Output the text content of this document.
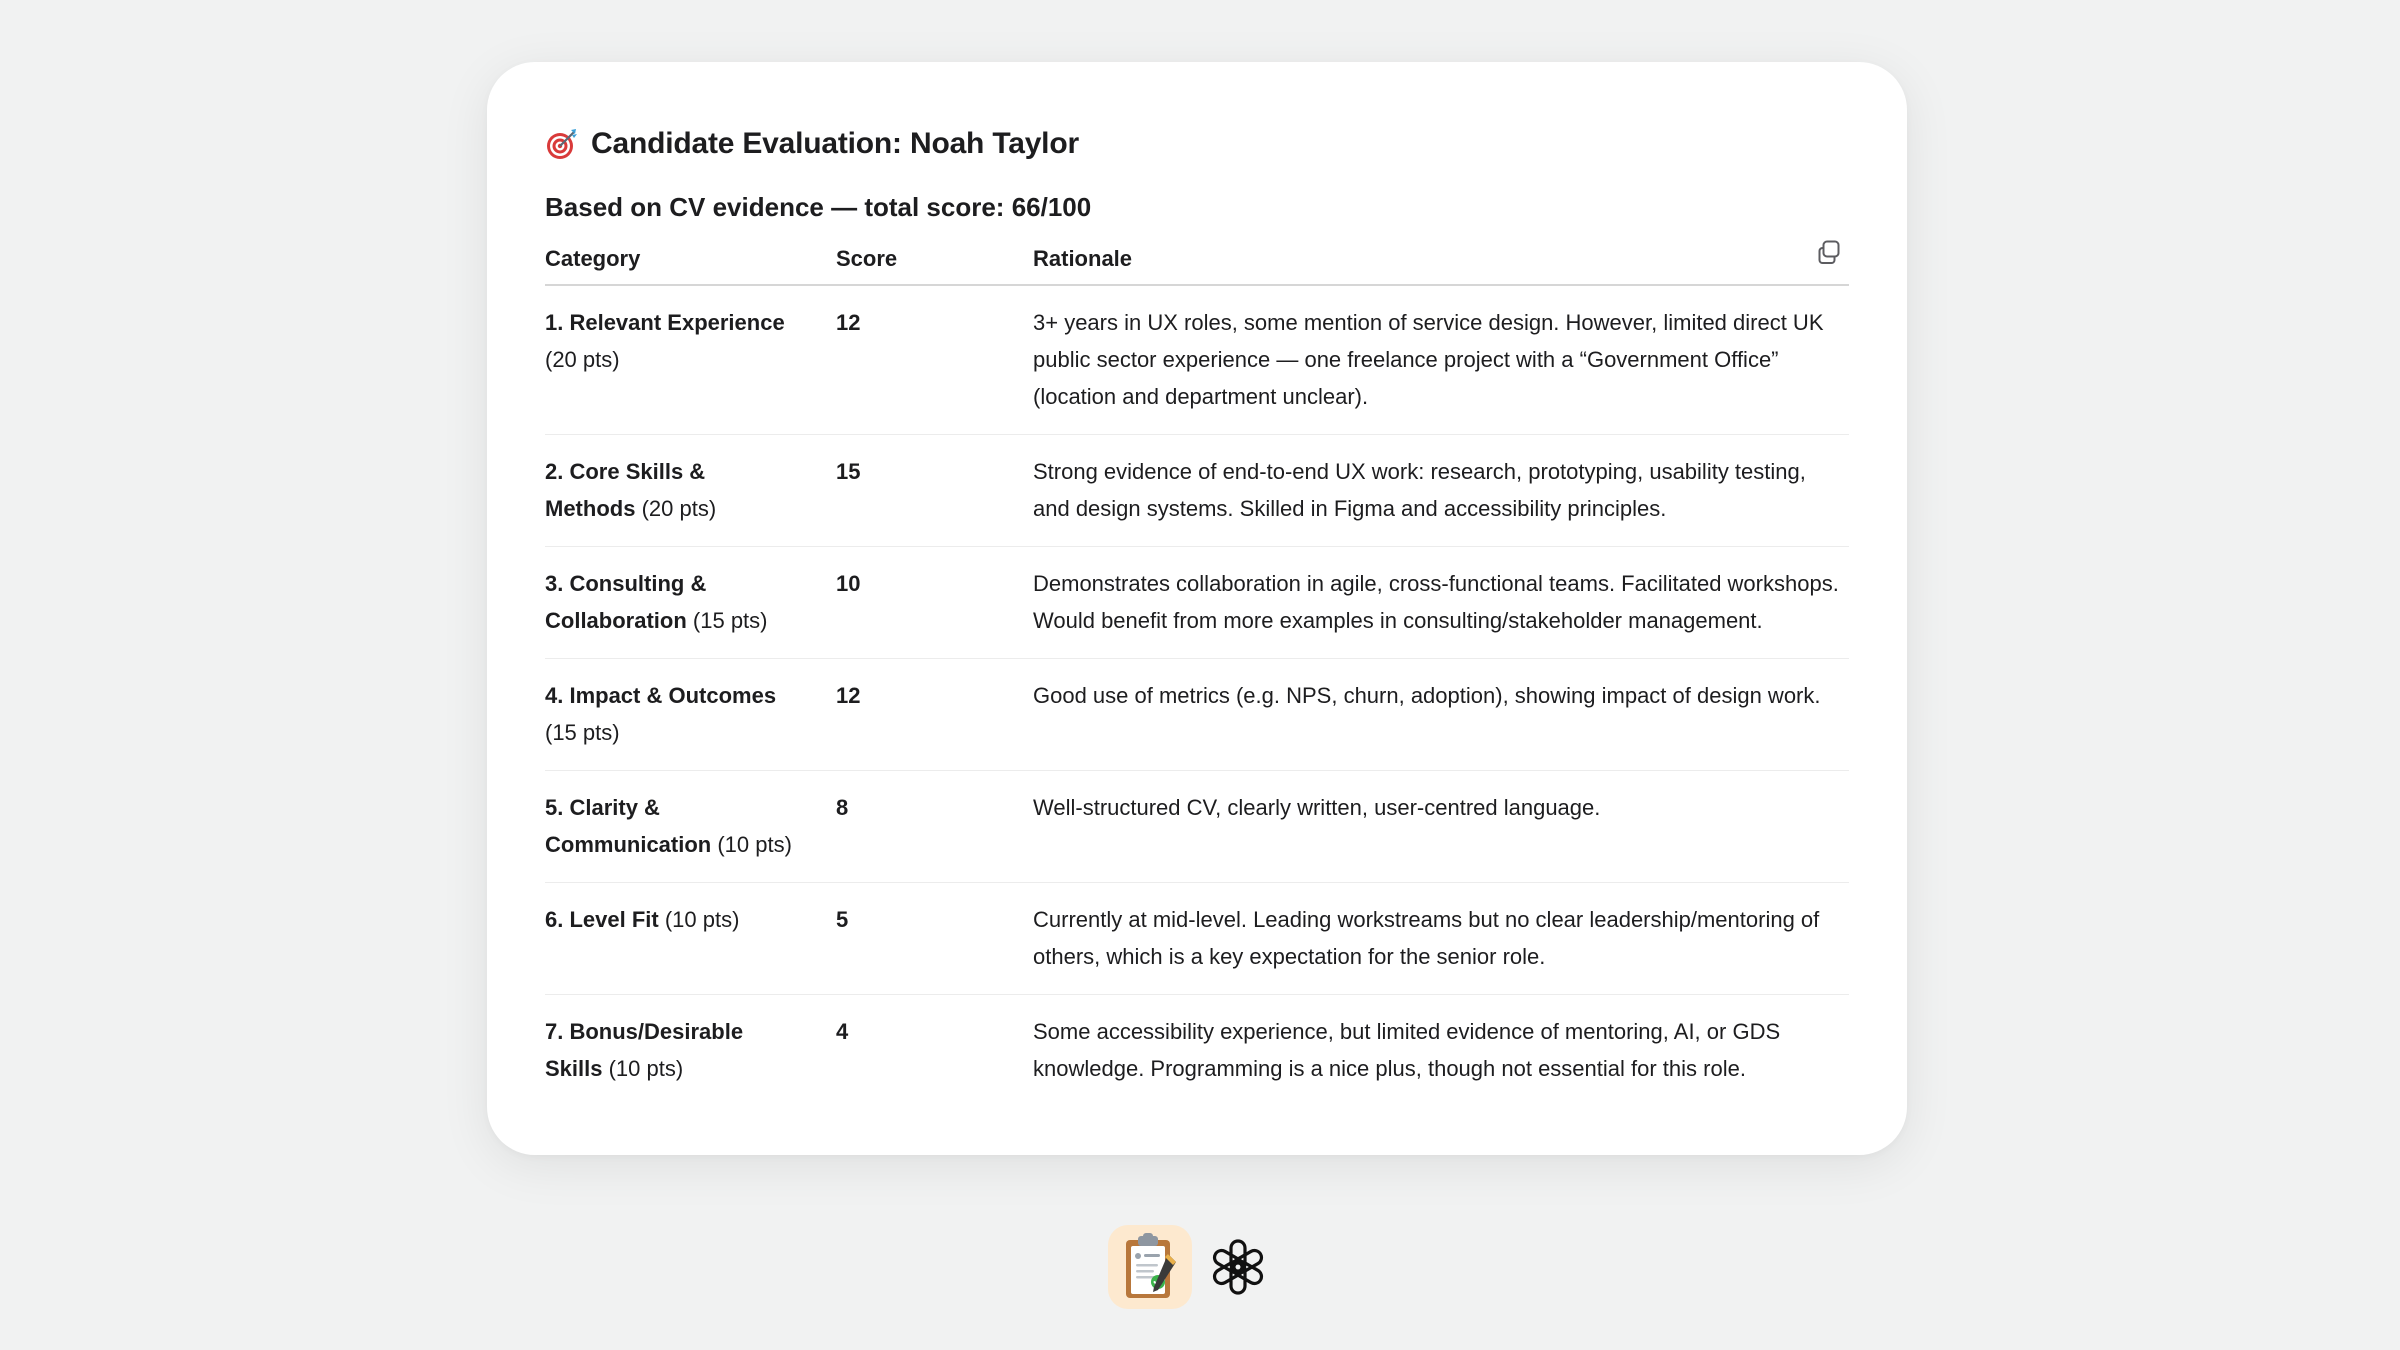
Candidate Evaluation: Noah Taylor
Based on CV evidence — total score: 66/100
Category	Score	Rationale

1. Relevant Experience (20 pts)	12	3+ years in UX roles, some mention of service design. However, limited direct UK public sector experience — one freelance project with a “Government Office” (location and department unclear).
2. Core Skills & Methods (20 pts)	15	Strong evidence of end-to-end UX work: research, prototyping, usability testing, and design systems. Skilled in Figma and accessibility principles.
3. Consulting & Collaboration (15 pts)	10	Demonstrates collaboration in agile, cross-functional teams. Facilitated workshops. Would benefit from more examples in consulting/stakeholder management.
4. Impact & Outcomes (15 pts)	12	Good use of metrics (e.g. NPS, churn, adoption), showing impact of design work.
5. Clarity & Communication (10 pts)	8	Well-structured CV, clearly written, user-centred language.
6. Level Fit (10 pts)	5	Currently at mid-level. Leading workstreams but no clear leadership/mentoring of others, which is a key expectation for the senior role.
7. Bonus/Desirable Skills (10 pts)	4	Some accessibility experience, but limited evidence of mentoring, AI, or GDS knowledge. Programming is a nice plus, though not essential for this role.
